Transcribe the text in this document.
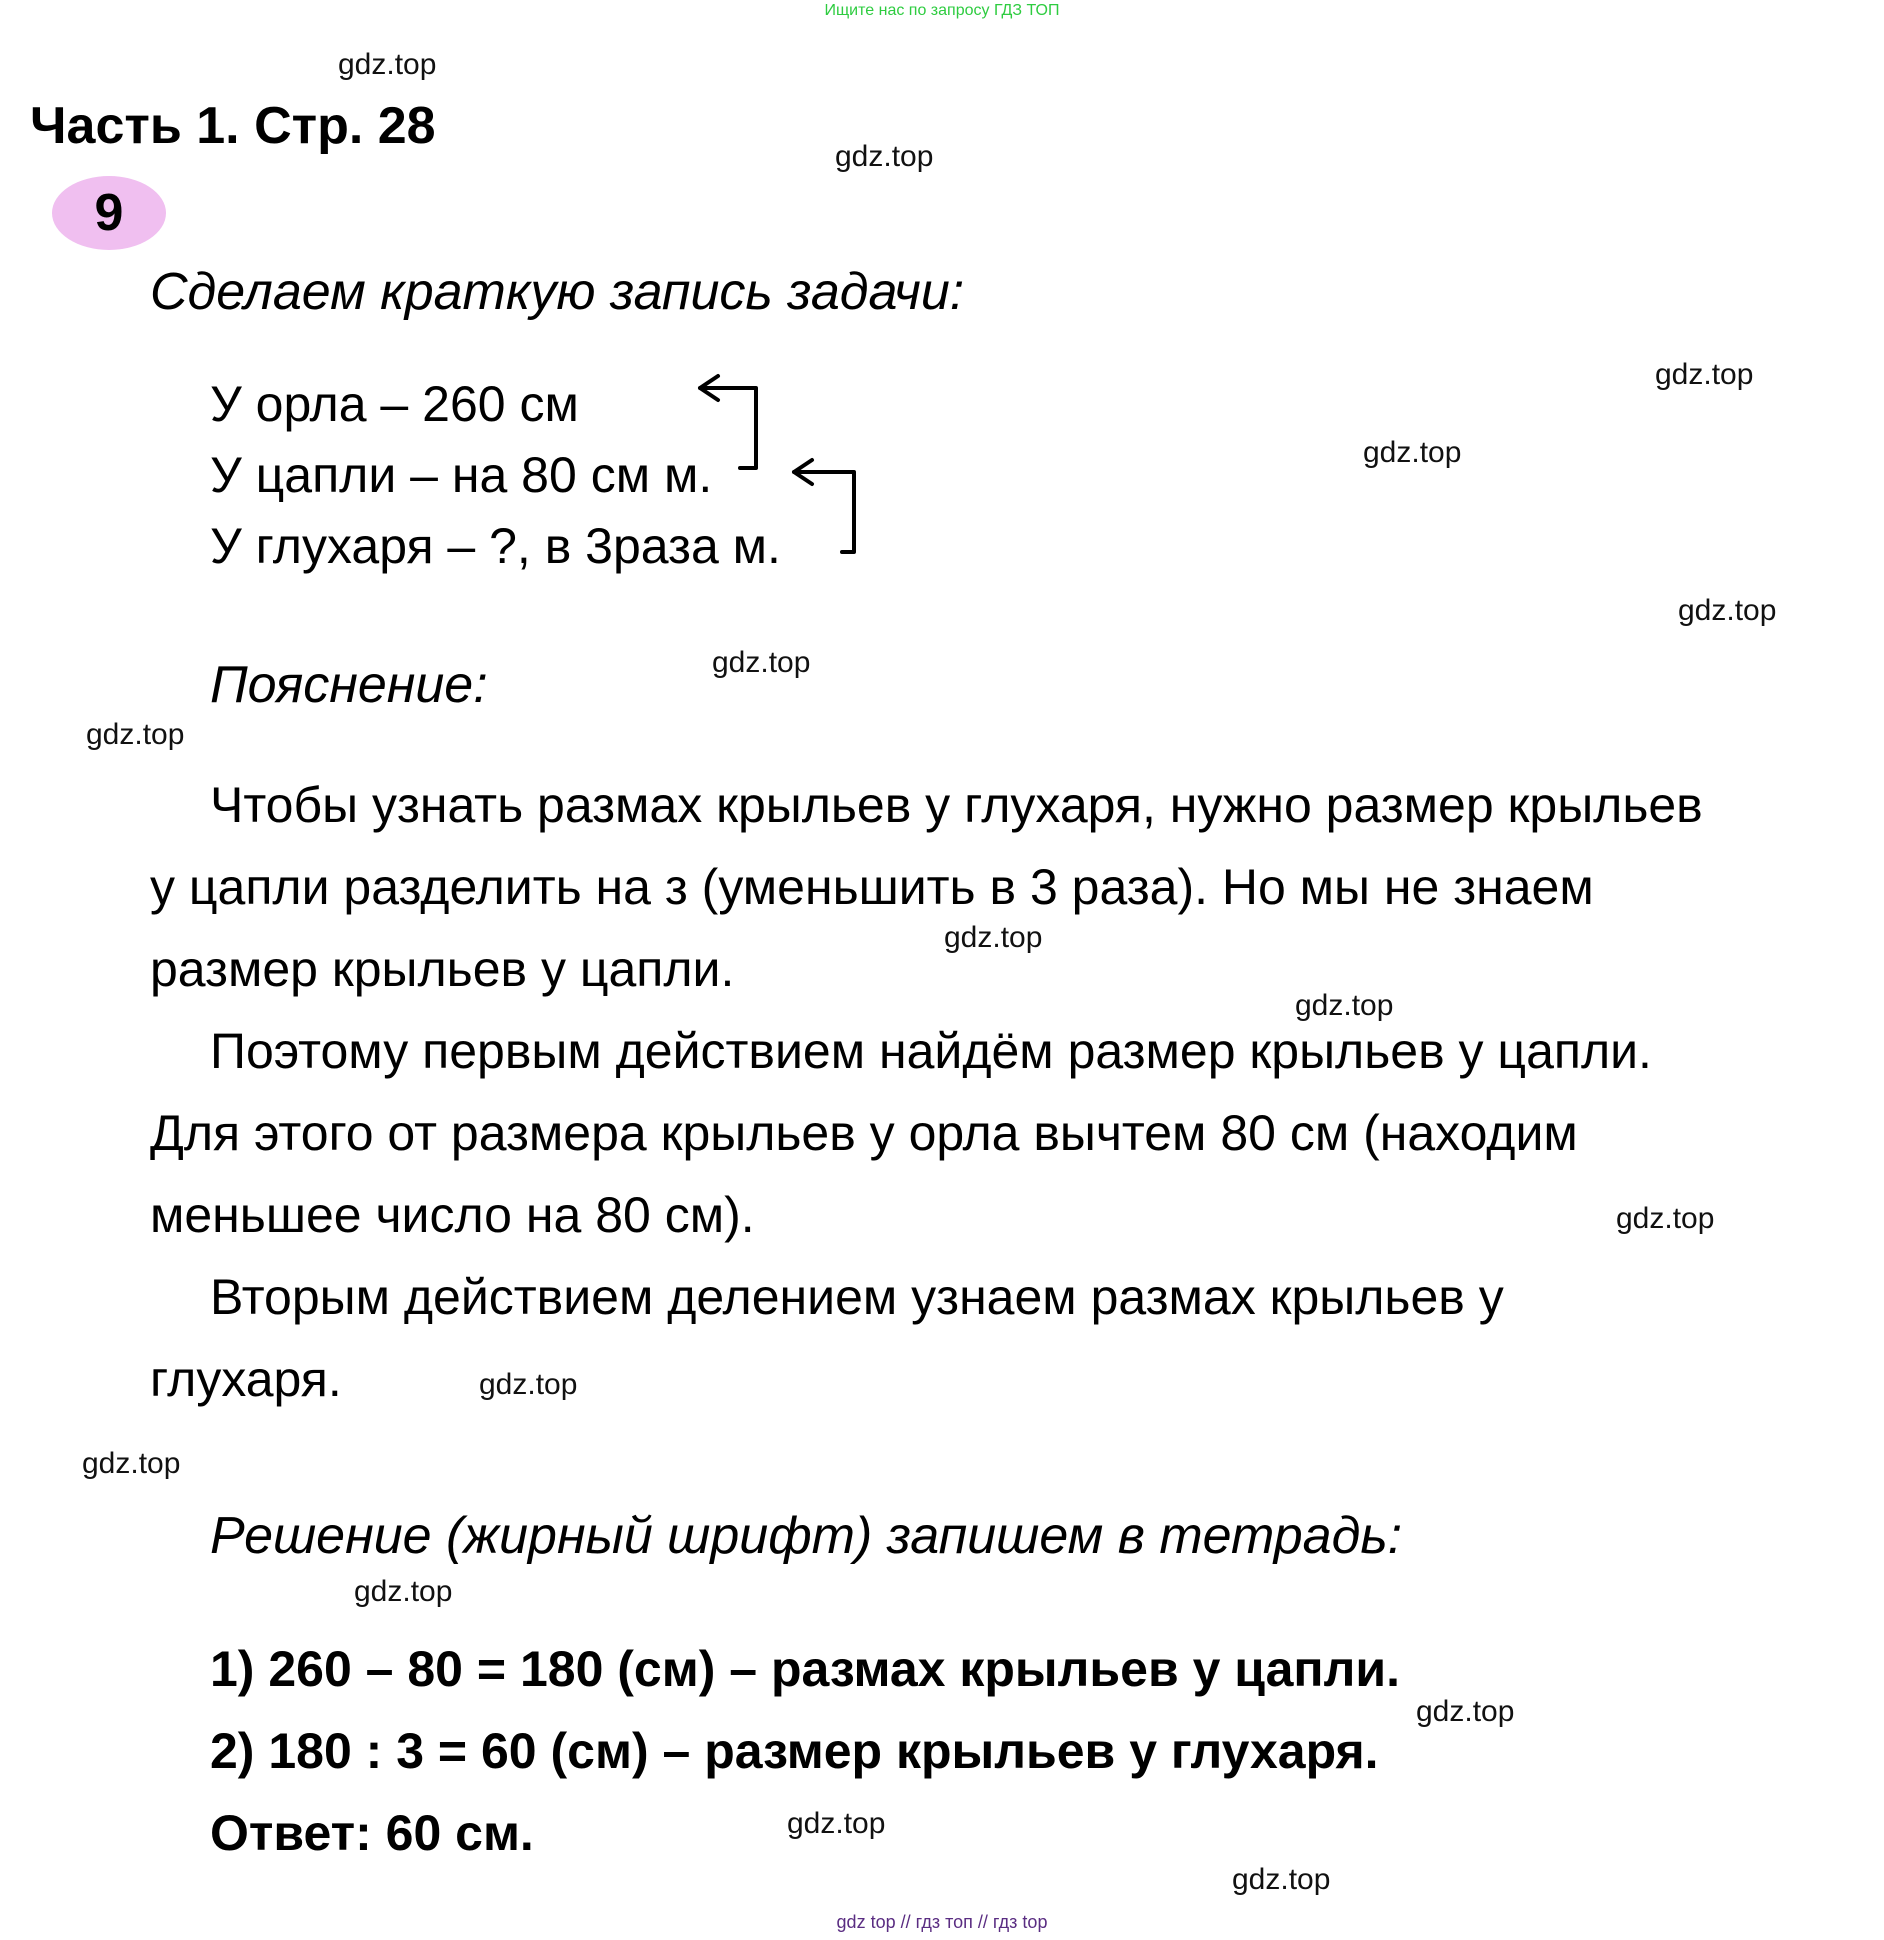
Ищите нас по запросу ГДЗ ТОП
gdz.top
gdz.top
gdz.top
gdz.top
gdz.top
gdz.top
gdz.top
gdz.top
gdz.top
gdz.top
gdz.top
gdz.top
gdz.top
gdz.top
gdz.top
gdz.top
Часть 1. Стр. 28
9
Сделаем краткую запись задачи:
У орла – 260 см
У цапли – на 80 см м.
У глухаря – ?, в 3раза м.
Пояснение:
Чтобы узнать размах крыльев у глухаря, нужно размер крыльев
у цапли разделить на з (уменьшить в 3 раза). Но мы не знаем
размер крыльев у цапли.
Поэтому первым действием найдём размер крыльев у цапли.
Для этого от размера крыльев у орла вычтем 80 см (находим
меньшее число на 80 см).
Вторым действием делением узнаем размах крыльев у
глухаря.
Решение (жирный шрифт) запишем в тетрадь:
1) 260 – 80 = 180 (см) – размах крыльев у цапли.
2) 180 : 3 = 60 (см) – размер крыльев у глухаря.
Ответ: 60 см.
gdz top // гдз топ // гдз top
